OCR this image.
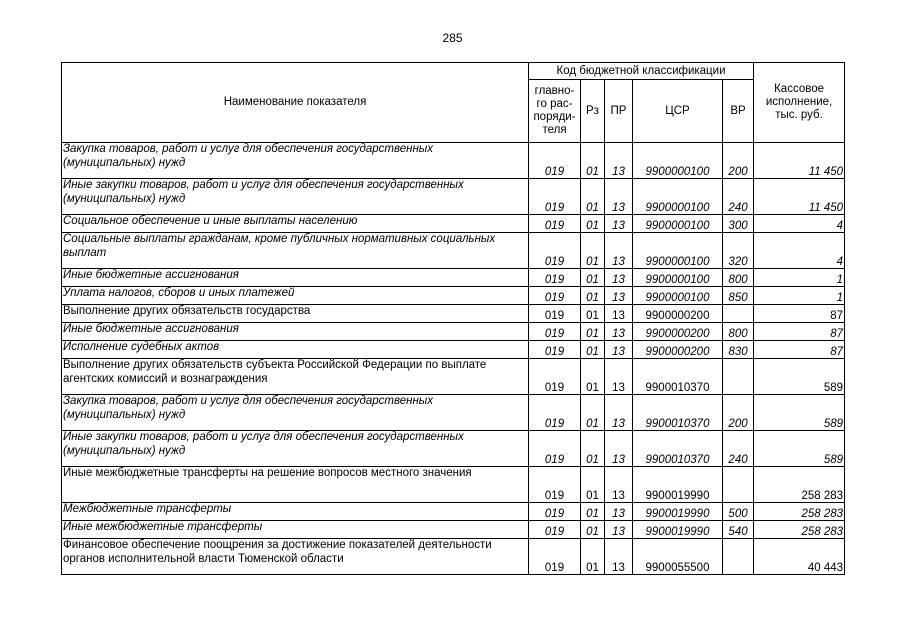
285
Наименование показателя	Код бюджетной классификации					Кассовое исполнение, тыс. руб.
	главно-го рас-поряди-теля	Рз	ПР	ЦСР	ВР	
Закупка товаров, работ и услуг для обеспечения государственных (муниципальных) нужд	019	01	13	9900000100	200	11 450
Иные закупки товаров, работ и услуг для обеспечения государственных (муниципальных) нужд	019	01	13	9900000100	240	11 450
Социальное обеспечение и иные выплаты населению	019	01	13	9900000100	300	4
Социальные выплаты гражданам, кроме публичных нормативных социальных выплат	019	01	13	9900000100	320	4
Иные бюджетные ассигнования	019	01	13	9900000100	800	1
Уплата налогов, сборов и иных платежей	019	01	13	9900000100	850	1
Выполнение других обязательств государства	019	01	13	9900000200		87
Иные бюджетные ассигнования	019	01	13	9900000200	800	87
Исполнение судебных актов	019	01	13	9900000200	830	87
Выполнение других обязательств субъекта Российской Федерации по выплате агентских комиссий и вознаграждения	019	01	13	9900010370		589
Закупка товаров, работ и услуг для обеспечения государственных (муниципальных) нужд	019	01	13	9900010370	200	589
Иные закупки товаров, работ и услуг для обеспечения государственных (муниципальных) нужд	019	01	13	9900010370	240	589
Иные межбюджетные трансферты на решение вопросов местного значения	019	01	13	9900019990		258 283
Межбюджетные трансферты	019	01	13	9900019990	500	258 283
Иные межбюджетные трансферты	019	01	13	9900019990	540	258 283
Финансовое обеспечение поощрения за достижение показателей деятельности органов исполнительной власти Тюменской области	019	01	13	9900055500		40 443
